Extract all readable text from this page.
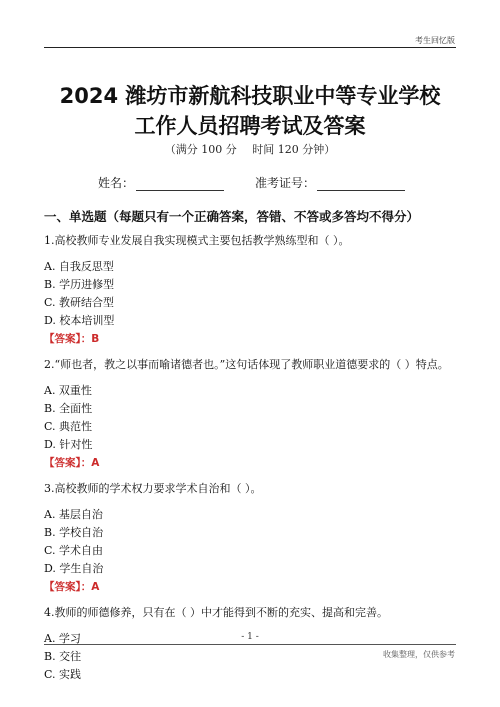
考生回忆版
2024 潍坊市新航科技职业中等专业学校
工作人员招聘考试及答案
（满分 100 分 时间 120 分钟）
姓名：	准考证号：
一、单选题（每题只有一个正确答案，答错、不答或多答均不得分）
1.高校教师专业发展自我实现模式主要包括教学熟练型和（ ）。
A. 自我反思型
B. 学历进修型
C. 教研结合型
D. 校本培训型
【答案】：B
2.“师也者，教之以事而喻诸德者也。”这句话体现了教师职业道德要求的（ ）特点。
A. 双重性
B. 全面性
C. 典范性
D. 针对性
【答案】：A
3.高校教师的学术权力要求学术自治和（ ）。
A. 基层自治
B. 学校自治
C. 学术自由
D. 学生自治
【答案】：A
4.教师的师德修养，只有在（ ）中才能得到不断的充实、提高和完善。
A. 学习
B. 交往
C. 实践
- 1 -
收集整理，仅供参考
